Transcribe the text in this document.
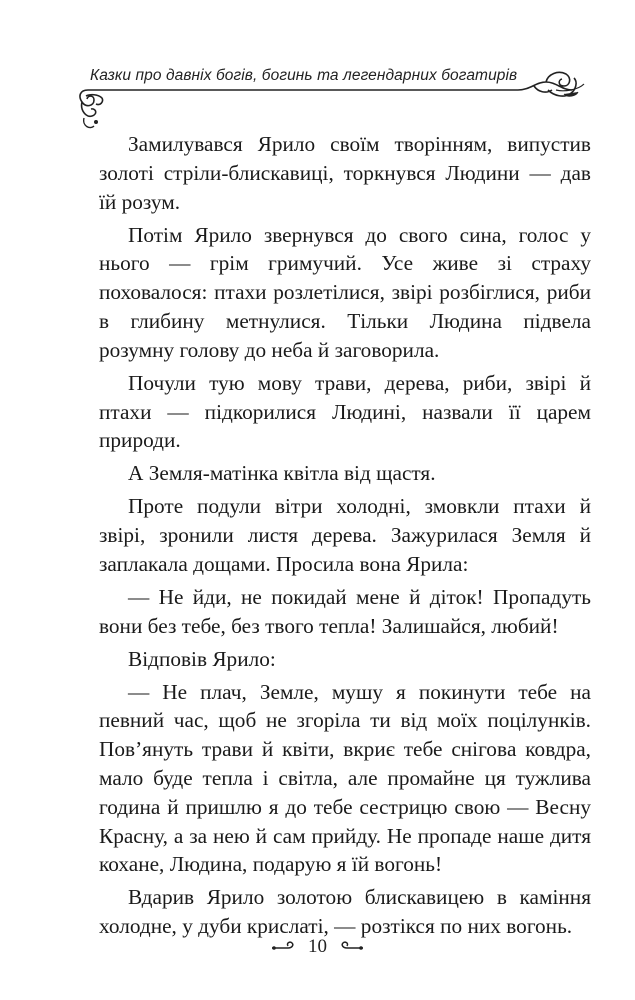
Казки про давніх богів, богинь та легендарних богатирів

Замилувався Ярило своїм творінням, випустив золоті стріли-блискавиці, торкнувся Людини — дав їй розум.

Потім Ярило звернувся до свого сина, голос у нього — грім гримучий. Усе живе зі страху поховалося: птахи розлетілися, звірі розбіглися, риби в глибину метнулися. Тільки Людина підвела розумну голову до неба й заговорила.

Почули тую мову трави, дерева, риби, звірі й птахи — підкорилися Людині, назвали її царем природи.

А Земля-матінка квітла від щастя.

Проте подули вітри холодні, змовкли птахи й звірі, зронили листя дерева. Зажурилася Земля й заплакала дощами. Просила вона Ярила:

— Не йди, не покидай мене й діток! Пропадуть вони без тебе, без твого тепла! Залишайся, любий!

Відповів Ярило:

— Не плач, Земле, мушу я покинути тебе на певний час, щоб не згоріла ти від моїх поцілунків. Пов’януть трави й квіти, вкриє тебе сніговa ковдра, мало буде тепла і світла, але промайне ця тужлива година й пришлю я до тебе сестрицю свою — Весну Красну, а за нею й сам прийду. Не пропаде наше дитя кохане, Людина, подарую я їй вогонь!

Вдарив Ярило золотою блискавицею в каміння холодне, у дуби крислаті, — розтікся по них вогонь.

10
